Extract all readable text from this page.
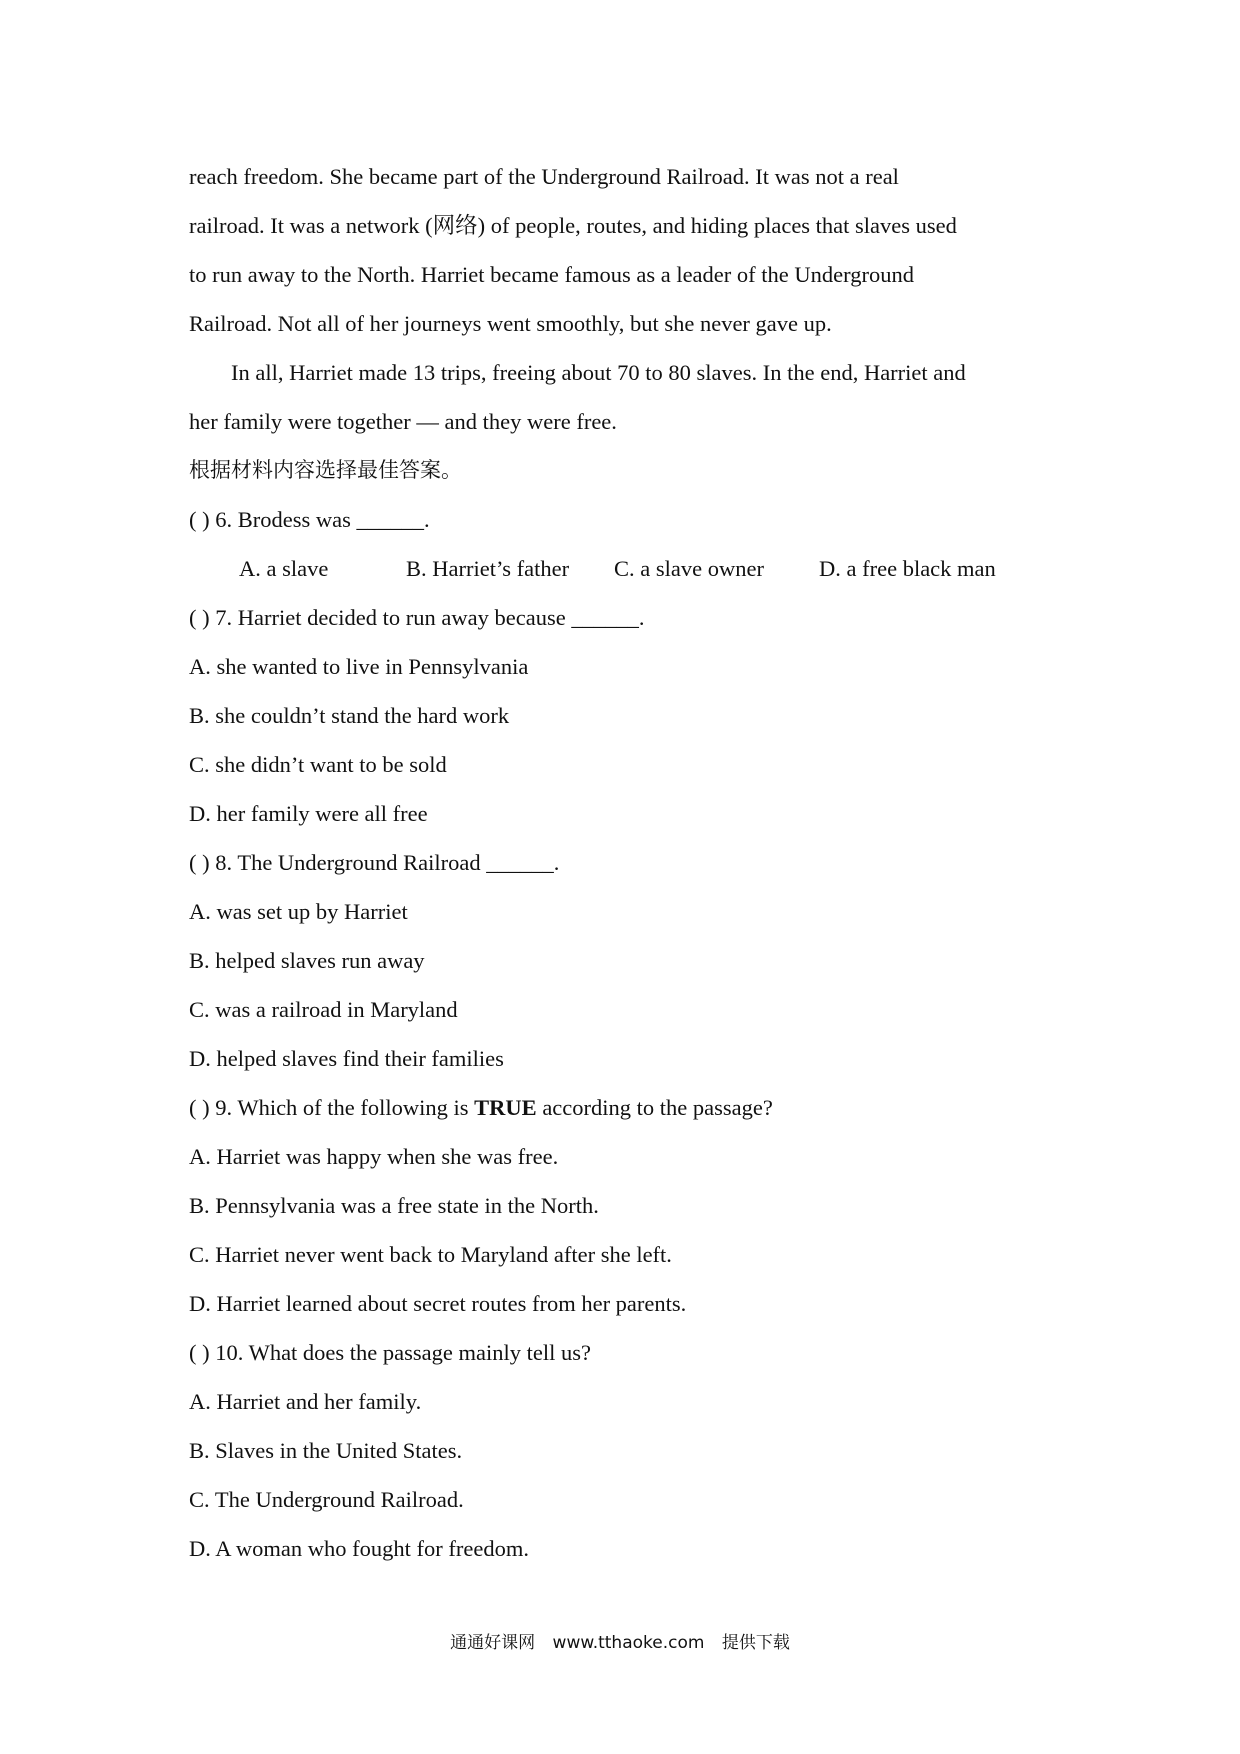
reach freedom. She became part of the Underground Railroad. It was not a real
railroad. It was a network (网络) of people, routes, and hiding places that slaves used
to run away to the North. Harriet became famous as a leader of the Underground
Railroad. Not all of her journeys went smoothly, but she never gave up.
In all, Harriet made 13 trips, freeing about 70 to 80 slaves. In the end, Harriet and
her family were together — and they were free.
根据材料内容选择最佳答案。
( ) 6. Brodess was ______.
A. a slave	B. Harriet’s father C. a slave owner D. a free black man
( ) 7. Harriet decided to run away because ______.
A. she wanted to live in Pennsylvania
B. she couldn’t stand the hard work
C. she didn’t want to be sold
D. her family were all free
( ) 8. The Underground Railroad ______.
A. was set up by Harriet
B. helped slaves run away
C. was a railroad in Maryland
D. helped slaves find their families
( ) 9. Which of the following is TRUE according to the passage?
A. Harriet was happy when she was free.
B. Pennsylvania was a free state in the North.
C. Harriet never went back to Maryland after she left.
D. Harriet learned about secret routes from her parents.
( ) 10. What does the passage mainly tell us?
A. Harriet and her family.
B. Slaves in the United States.
C. The Underground Railroad.
D. A woman who fought for freedom.
通通好课网 www.tthaoke.com 提供下载
